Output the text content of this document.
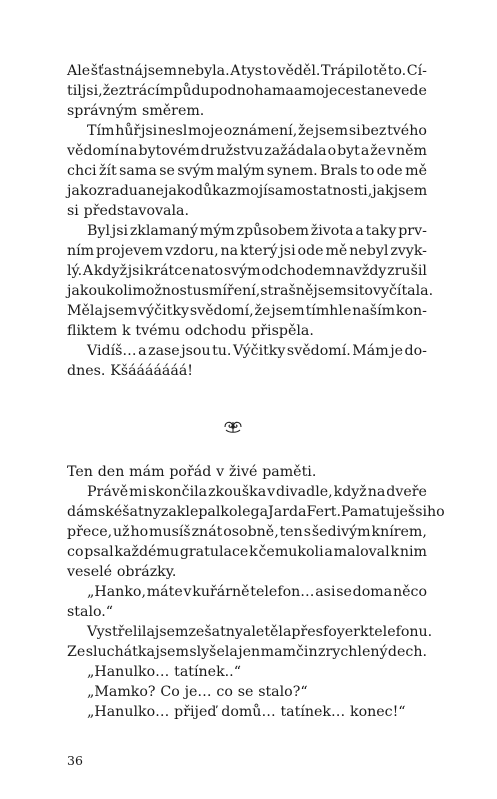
Ale šťastná jsem nebyla. A tys to věděl. Trápilo tě to. Cí-
til jsi, že ztrácím půdu pod nohama a moje cesta nevede
správným směrem.
Tím hůř jsi nesl moje oznámení, že jsem si bez tvého
vědomí na bytovém družstvu zažádala o byt a že v něm
chci žít sama se svým malým synem. Brals to ode mě
jako zradu a ne jako důkaz mojí samostatnosti, jak jsem
si představovala.
Byl jsi zklamaný mým způsobem života a taky prv-
ním projevem vzdoru, na který jsi ode mě nebyl zvyk-
lý. A když jsi krátce nato svým odchodem navždy zrušil
jakoukoli možnost usmíření, strašně jsem si to vyčítala.
Měla jsem výčitky svědomí, že jsem tímhle naším kon-
fliktem k tvému odchodu přispěla.
Vidíš… a zase jsou tu. Výčitky svědomí. Mám je do-
dnes. Kšááááááá!
Ten den mám pořád v živé paměti.
Právě mi skončila zkouška v divadle, když na dveře
dámské šatny zaklepal kolega Jarda Fert. Pamatuješ si ho
přece, už ho musíš znát osobně, ten s šedivým knírem,
co psal každému gratulace k čemukoli a maloval k nim
veselé obrázky.
„Hanko, máte v kuřárně telefon… asi se doma něco
stalo.“
Vystřelila jsem ze šatny a letěla přes foyer k telefonu.
Ze sluchátka jsem slyšela jen mamčin zrychlený dech.
„Hanulko… tatínek..“
„Mamko? Co je… co se stalo?“
„Hanulko… přijeď domů… tatínek… konec!“
36
